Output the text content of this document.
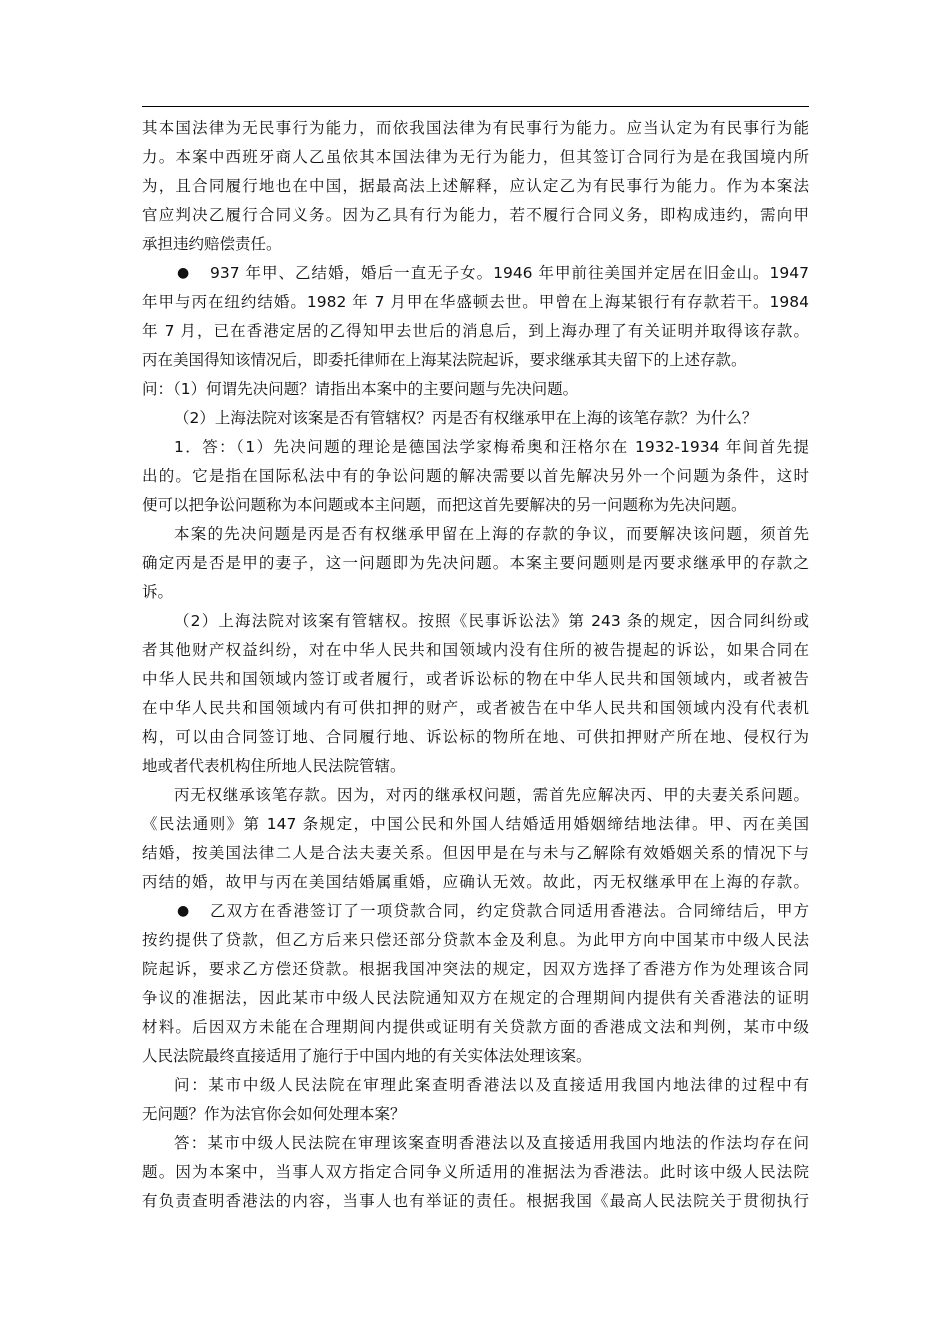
其本国法律为无民事行为能力，而依我国法律为有民事行为能力。应当认定为有民事行为能
力。本案中西班牙商人乙虽依其本国法律为无行为能力，但其签订合同行为是在我国境内所
为，且合同履行地也在中国，据最高法上述解释，应认定乙为有民事行为能力。作为本案法
官应判决乙履行合同义务。因为乙具有行为能力，若不履行合同义务，即构成违约，需向甲
承担违约赔偿责任。
● 937 年甲、乙结婚，婚后一直无子女。1946 年甲前往美国并定居在旧金山。1947
年甲与丙在纽约结婚。1982 年 7 月甲在华盛顿去世。甲曾在上海某银行有存款若干。1984
年 7 月，已在香港定居的乙得知甲去世后的消息后，到上海办理了有关证明并取得该存款。
丙在美国得知该情况后，即委托律师在上海某法院起诉，要求继承其夫留下的上述存款。
问：（1）何谓先决问题？请指出本案中的主要问题与先决问题。
（2）上海法院对该案是否有管辖权？丙是否有权继承甲在上海的该笔存款？为什么？
1．答：（1）先决问题的理论是德国法学家梅希奥和汪格尔在 1932-1934 年间首先提
出的。它是指在国际私法中有的争讼问题的解决需要以首先解决另外一个问题为条件，这时
便可以把争讼问题称为本问题或本主问题，而把这首先要解决的另一问题称为先决问题。
本案的先决问题是丙是否有权继承甲留在上海的存款的争议，而要解决该问题，须首先
确定丙是否是甲的妻子，这一问题即为先决问题。本案主要问题则是丙要求继承甲的存款之
诉。
（2）上海法院对该案有管辖权。按照《民事诉讼法》第 243 条的规定，因合同纠纷或
者其他财产权益纠纷，对在中华人民共和国领域内没有住所的被告提起的诉讼，如果合同在
中华人民共和国领域内签订或者履行，或者诉讼标的物在中华人民共和国领域内，或者被告
在中华人民共和国领域内有可供扣押的财产，或者被告在中华人民共和国领域内没有代表机
构，可以由合同签订地、合同履行地、诉讼标的物所在地、可供扣押财产所在地、侵权行为
地或者代表机构住所地人民法院管辖。
丙无权继承该笔存款。因为，对丙的继承权问题，需首先应解决丙、甲的夫妻关系问题。
《民法通则》第 147 条规定，中国公民和外国人结婚适用婚姻缔结地法律。甲、丙在美国
结婚，按美国法律二人是合法夫妻关系。但因甲是在与未与乙解除有效婚姻关系的情况下与
丙结的婚，故甲与丙在美国结婚属重婚，应确认无效。故此，丙无权继承甲在上海的存款。
● 乙双方在香港签订了一项贷款合同，约定贷款合同适用香港法。合同缔结后，甲方
按约提供了贷款，但乙方后来只偿还部分贷款本金及利息。为此甲方向中国某市中级人民法
院起诉，要求乙方偿还贷款。根据我国冲突法的规定，因双方选择了香港方作为处理该合同
争议的准据法，因此某市中级人民法院通知双方在规定的合理期间内提供有关香港法的证明
材料。后因双方未能在合理期间内提供或证明有关贷款方面的香港成文法和判例，某市中级
人民法院最终直接适用了施行于中国内地的有关实体法处理该案。
问：某市中级人民法院在审理此案查明香港法以及直接适用我国内地法律的过程中有
无问题？作为法官你会如何处理本案？
答：某市中级人民法院在审理该案查明香港法以及直接适用我国内地法的作法均存在问
题。因为本案中，当事人双方指定合同争义所适用的准据法为香港法。此时该中级人民法院
有负责查明香港法的内容，当事人也有举证的责任。根据我国《最高人民法院关于贯彻执行
